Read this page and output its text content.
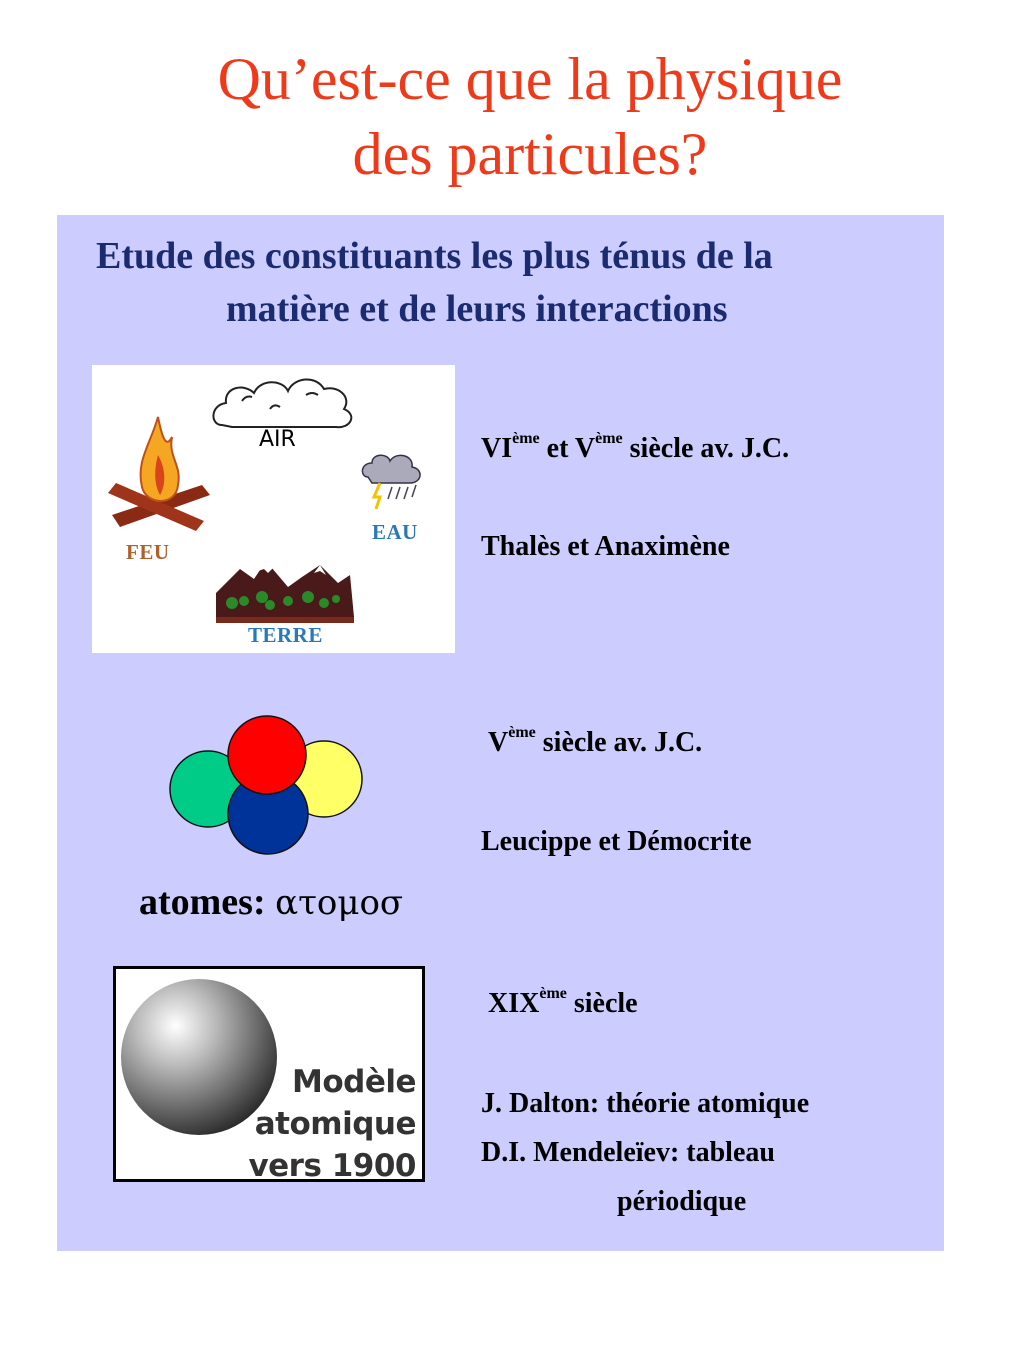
Qu’est-ce que la physique
des particules?
Etude des constituants les plus ténus de la
matière et de leurs interactions
AIR
EAU
FEU
TERRE
VIème et Vème siècle av. J.C.
Thalès et Anaximène
atomes: ατομοσ
Vème siècle av. J.C.
Leucippe et Démocrite
Modèle
atomique
vers 1900
XIXème siècle
J. Dalton: théorie atomique
D.I. Mendeleïev: tableau
périodique
